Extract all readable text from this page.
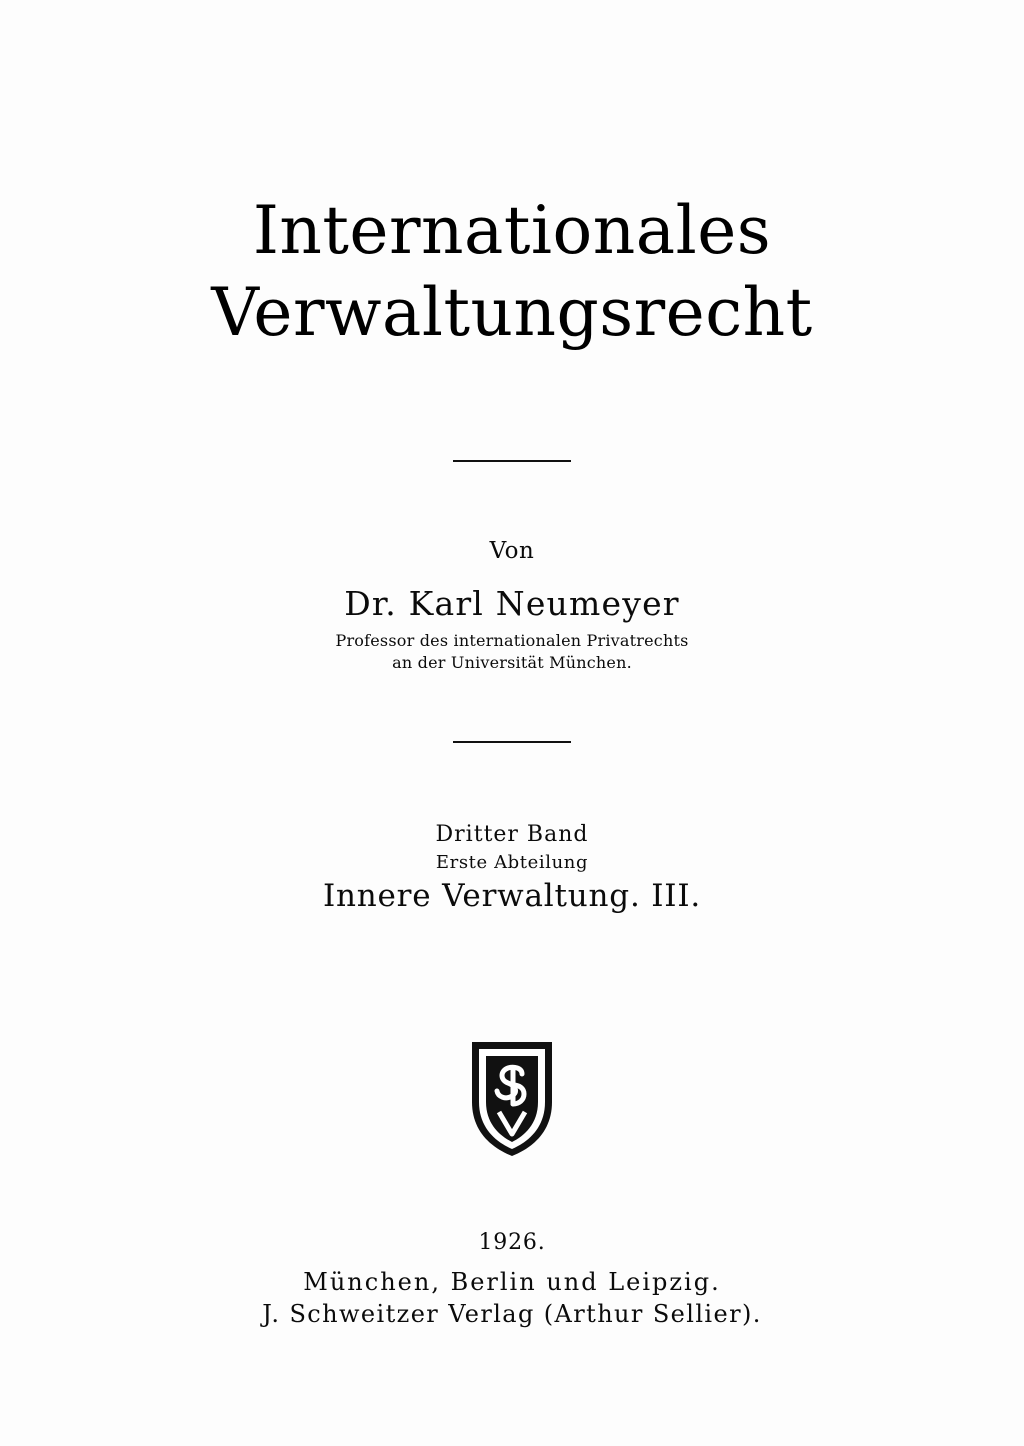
Internationales
Verwaltungsrecht
Von
Dr. Karl Neumeyer
Professor des internationalen Privatrechts
an der Universität München.
Dritter Band
Erste Abteilung
Innere Verwaltung. III.
1926.
München, Berlin und Leipzig.
J. Schweitzer Verlag (Arthur Sellier).
